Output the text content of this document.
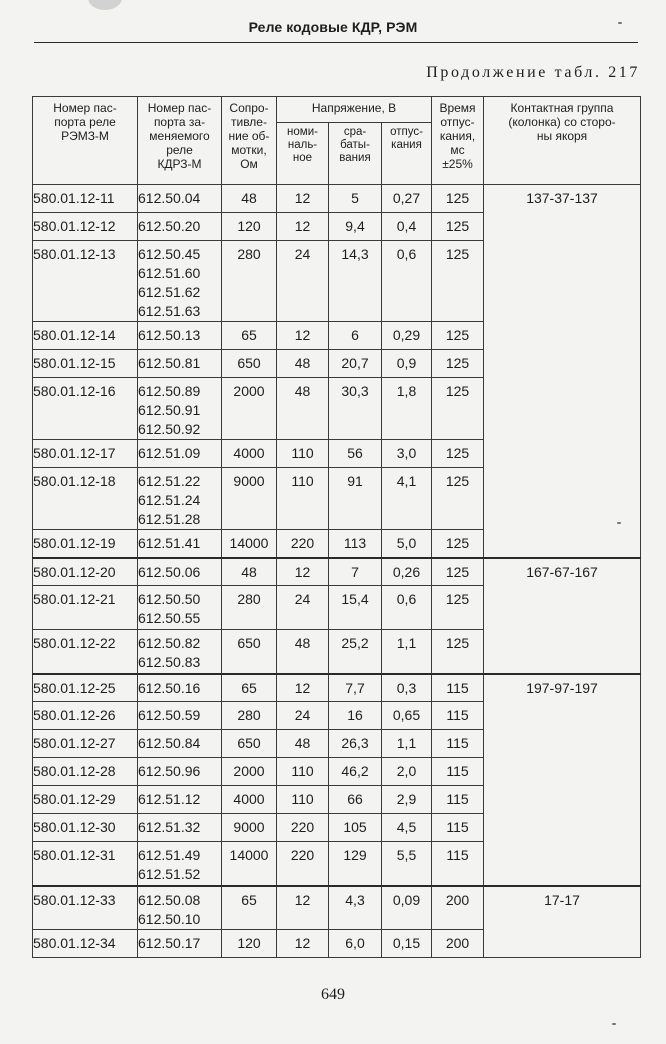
Реле кодовые КДР, РЭМ
Продолжение табл. 217
Номер пас-
порта реле
РЭМЗ-М	Номер пас-
порта за-
меняемого
реле
КДРЗ-М	Сопро-
тивле-
ние об-
мотки,
Ом	Напряжение, В			Время
отпус-
кания,
мс
±25%	Контактная группа
(колонка) со сторо-
ны якоря
			номи-
наль-
ное	сра-
баты-
вания	отпус-
кания		
580.01.12-11	612.50.04	48	12	5	0,27	125	137-37-137
580.01.12-12	612.50.20	120	12	9,4	0,4	125	
580.01.12-13	612.50.45
612.51.60
612.51.62
612.51.63	280	24	14,3	0,6	125	
580.01.12-14	612.50.13	65	12	6	0,29	125	
580.01.12-15	612.50.81	650	48	20,7	0,9	125	
580.01.12-16	612.50.89
612.50.91
612.50.92	2000	48	30,3	1,8	125	
580.01.12-17	612.51.09	4000	110	56	3,0	125	
580.01.12-18	612.51.22
612.51.24
612.51.28	9000	110	91	4,1	125	
580.01.12-19	612.51.41	14000	220	113	5,0	125	
580.01.12-20	612.50.06	48	12	7	0,26	125	167-67-167
580.01.12-21	612.50.50
612.50.55	280	24	15,4	0,6	125	
580.01.12-22	612.50.82
612.50.83	650	48	25,2	1,1	125	
580.01.12-25	612.50.16	65	12	7,7	0,3	115	197-97-197
580.01.12-26	612.50.59	280	24	16	0,65	115	
580.01.12-27	612.50.84	650	48	26,3	1,1	115	
580.01.12-28	612.50.96	2000	110	46,2	2,0	115	
580.01.12-29	612.51.12	4000	110	66	2,9	115	
580.01.12-30	612.51.32	9000	220	105	4,5	115	
580.01.12-31	612.51.49
612.51.52	14000	220	129	5,5	115	
580.01.12-33	612.50.08
612.50.10	65	12	4,3	0,09	200	17-17
580.01.12-34	612.50.17	120	12	6,0	0,15	200	
649
